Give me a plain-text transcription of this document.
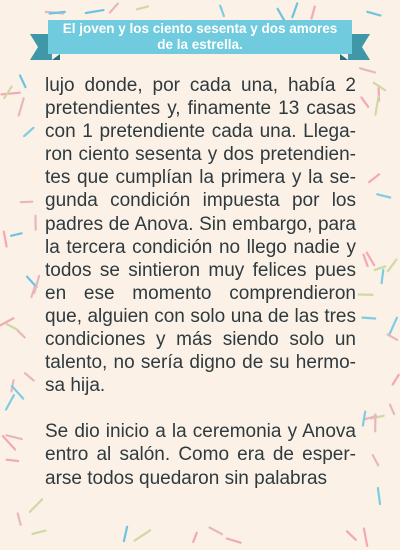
El joven y los ciento sesenta y dos amores de la estrella.

lujo donde, por cada una, había 2 pretendientes y, finamente 13 casas con 1 pretendiente cada una. Llegaron ciento sesenta y dos pretendientes que cumplían la primera y la segunda condición impuesta por los padres de Anova. Sin embargo, para la tercera condición no llego nadie y todos se sintieron muy felices pues en ese momento comprendieron que, alguien con solo una de las tres condiciones y más siendo solo un talento, no sería digno de su hermosa hija.

Se dio inicio a la ceremonia y Anova entro al salón. Como era de esperarse todos quedaron sin palabras
